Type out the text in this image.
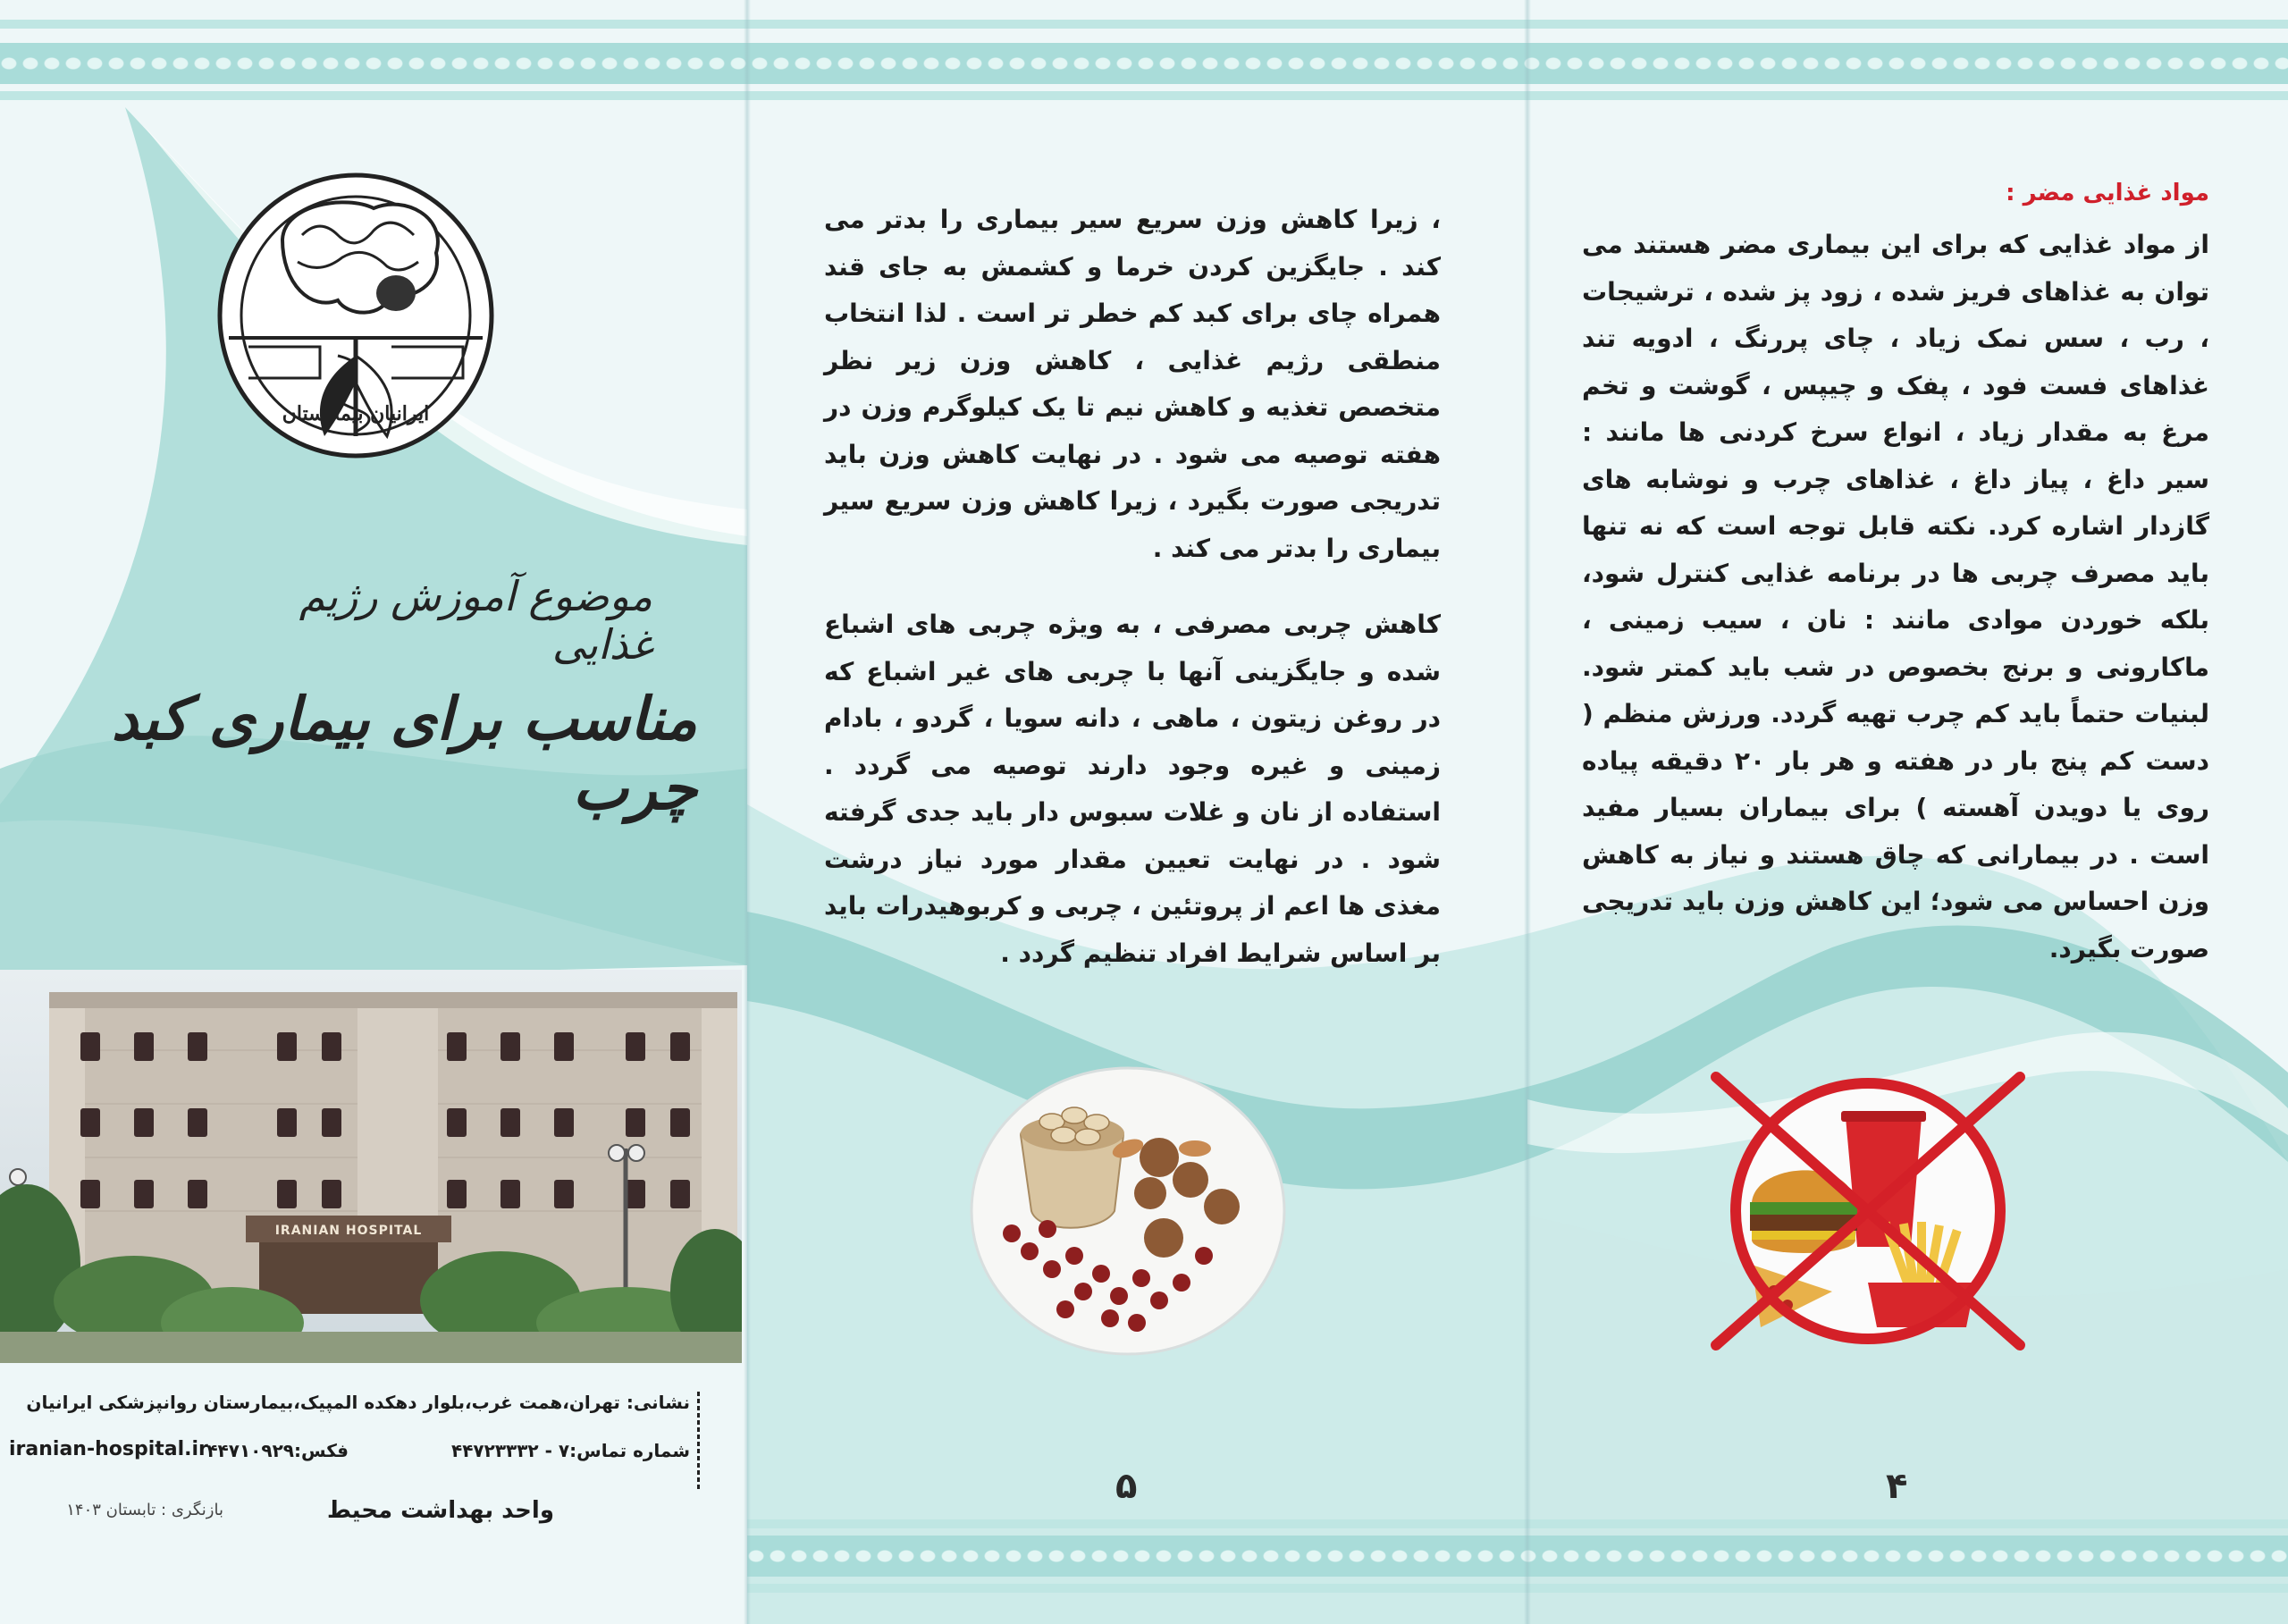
ایرانیان بیمارستان
موضوع آموزش رژیم غذایی
مناسب برای بیماری کبد چرب
IRANIAN HOSPITAL
نشانی: تهران،همت غرب،بلوار دهکده المپیک،بیمارستان روانپزشکی ایرانیان
شماره تماس:۷ - ۴۴۷۲۳۳۳۲
فکس:۴۴۷۱۰۹۲۹
iranian-hospital.ir
واحد بهداشت محیط
بازنگری : تابستان ۱۴۰۳
، زیرا کاهش وزن سریع سیر بیماری را بدتر می کند . جایگزین کردن خرما و کشمش به جای قند همراه چای برای کبد کم خطر تر است . لذا انتخاب منطقی رژیم غذایی ، کاهش وزن زیر نظر متخصص تغذیه و کاهش نیم تا یک کیلوگرم وزن در هفته توصیه می شود . در نهایت کاهش وزن باید تدریجی صورت بگیرد ، زیرا کاهش وزن سریع سیر بیماری را بدتر می کند .
کاهش چربی مصرفی ، به ویژه چربی های اشباع شده و جایگزینی آنها با چربی های غیر اشباع که در روغن زیتون ، ماهی ، دانه سویا ، گردو ، بادام زمینی و غیره وجود دارند توصیه می گردد . استفاده از نان و غلات سبوس دار باید جدی گرفته شود . در نهایت تعیین مقدار مورد نیاز درشت مغذی ها اعم از پروتئین ، چربی و کربوهیدرات باید بر اساس شرایط افراد تنظیم گردد .
۵
مواد غذایی مضر :
از مواد غذایی که برای این بیماری مضر هستند می توان به غذاهای فریز شده ، زود پز شده ، ترشیجات ، رب ، سس نمک زیاد ، چای پررنگ ، ادویه تند غذاهای فست فود ، پفک و چیپس ، گوشت و تخم مرغ به مقدار زیاد ، انواع سرخ کردنی ها مانند : سیر داغ ، پیاز داغ ، غذاهای چرب و نوشابه های گازدار اشاره کرد. نکته قابل توجه است که نه تنها باید مصرف چربی ها در برنامه غذایی کنترل شود، بلکه خوردن موادی مانند : نان ، سیب زمینی ، ماکارونی و برنج بخصوص در شب باید کمتر شود. لبنیات حتماً باید کم چرب تهیه گردد. ورزش منظم ( دست کم پنج بار در هفته و هر بار ۲۰ دقیقه پیاده روی یا دویدن آهسته ) برای بیماران بسیار مفید است . در بیمارانی که چاق هستند و نیاز به کاهش وزن احساس می شود؛ این کاهش وزن باید تدریجی صورت بگیرد.
۴
